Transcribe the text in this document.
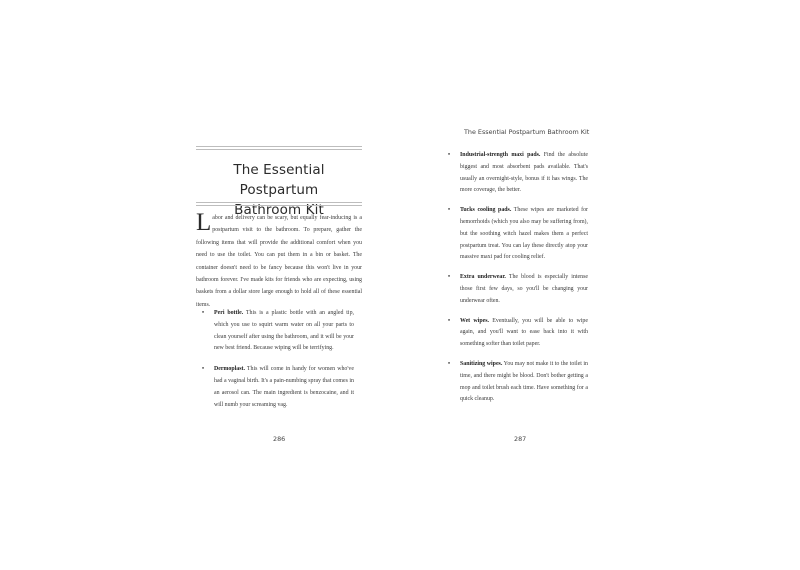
The Essential Postpartum
Bathroom Kit

Labor and delivery can be scary, but equally fear-inducing is a postpartum visit to the bathroom. To prepare, gather the following items that will provide the additional comfort when you need to use the toilet. You can put them in a bin or basket. The container doesn't need to be fancy because this won't live in your bathroom forever. I've made kits for friends who are expecting, using baskets from a dollar store large enough to hold all of these essential items.

• Peri bottle. This is a plastic bottle with an angled tip, which you use to squirt warm water on all your parts to clean yourself after using the bathroom, and it will be your new best friend. Because wiping will be terrifying.
• Dermoplast. This will come in handy for women who've had a vaginal birth. It's a pain-numbing spray that comes in an aerosol can. The main ingredient is benzocaine, and it will numb your screaming vag.
286
The Essential Postpartum Bathroom Kit
• Industrial-strength maxi pads. Find the absolute biggest and most absorbent pads available. That's usually an overnight-style, bonus if it has wings. The more coverage, the better.
• Tucks cooling pads. These wipes are marketed for hemorrhoids (which you also may be suffering from), but the soothing witch hazel makes them a perfect postpartum treat. You can lay these directly atop your massive maxi pad for cooling relief.
• Extra underwear. The blood is especially intense those first few days, so you'll be changing your underwear often.
• Wet wipes. Eventually, you will be able to wipe again, and you'll want to ease back into it with something softer than toilet paper.
• Sanitizing wipes. You may not make it to the toilet in time, and there might be blood. Don't bother getting a mop and toilet brush each time. Have something for a quick cleanup.
287
